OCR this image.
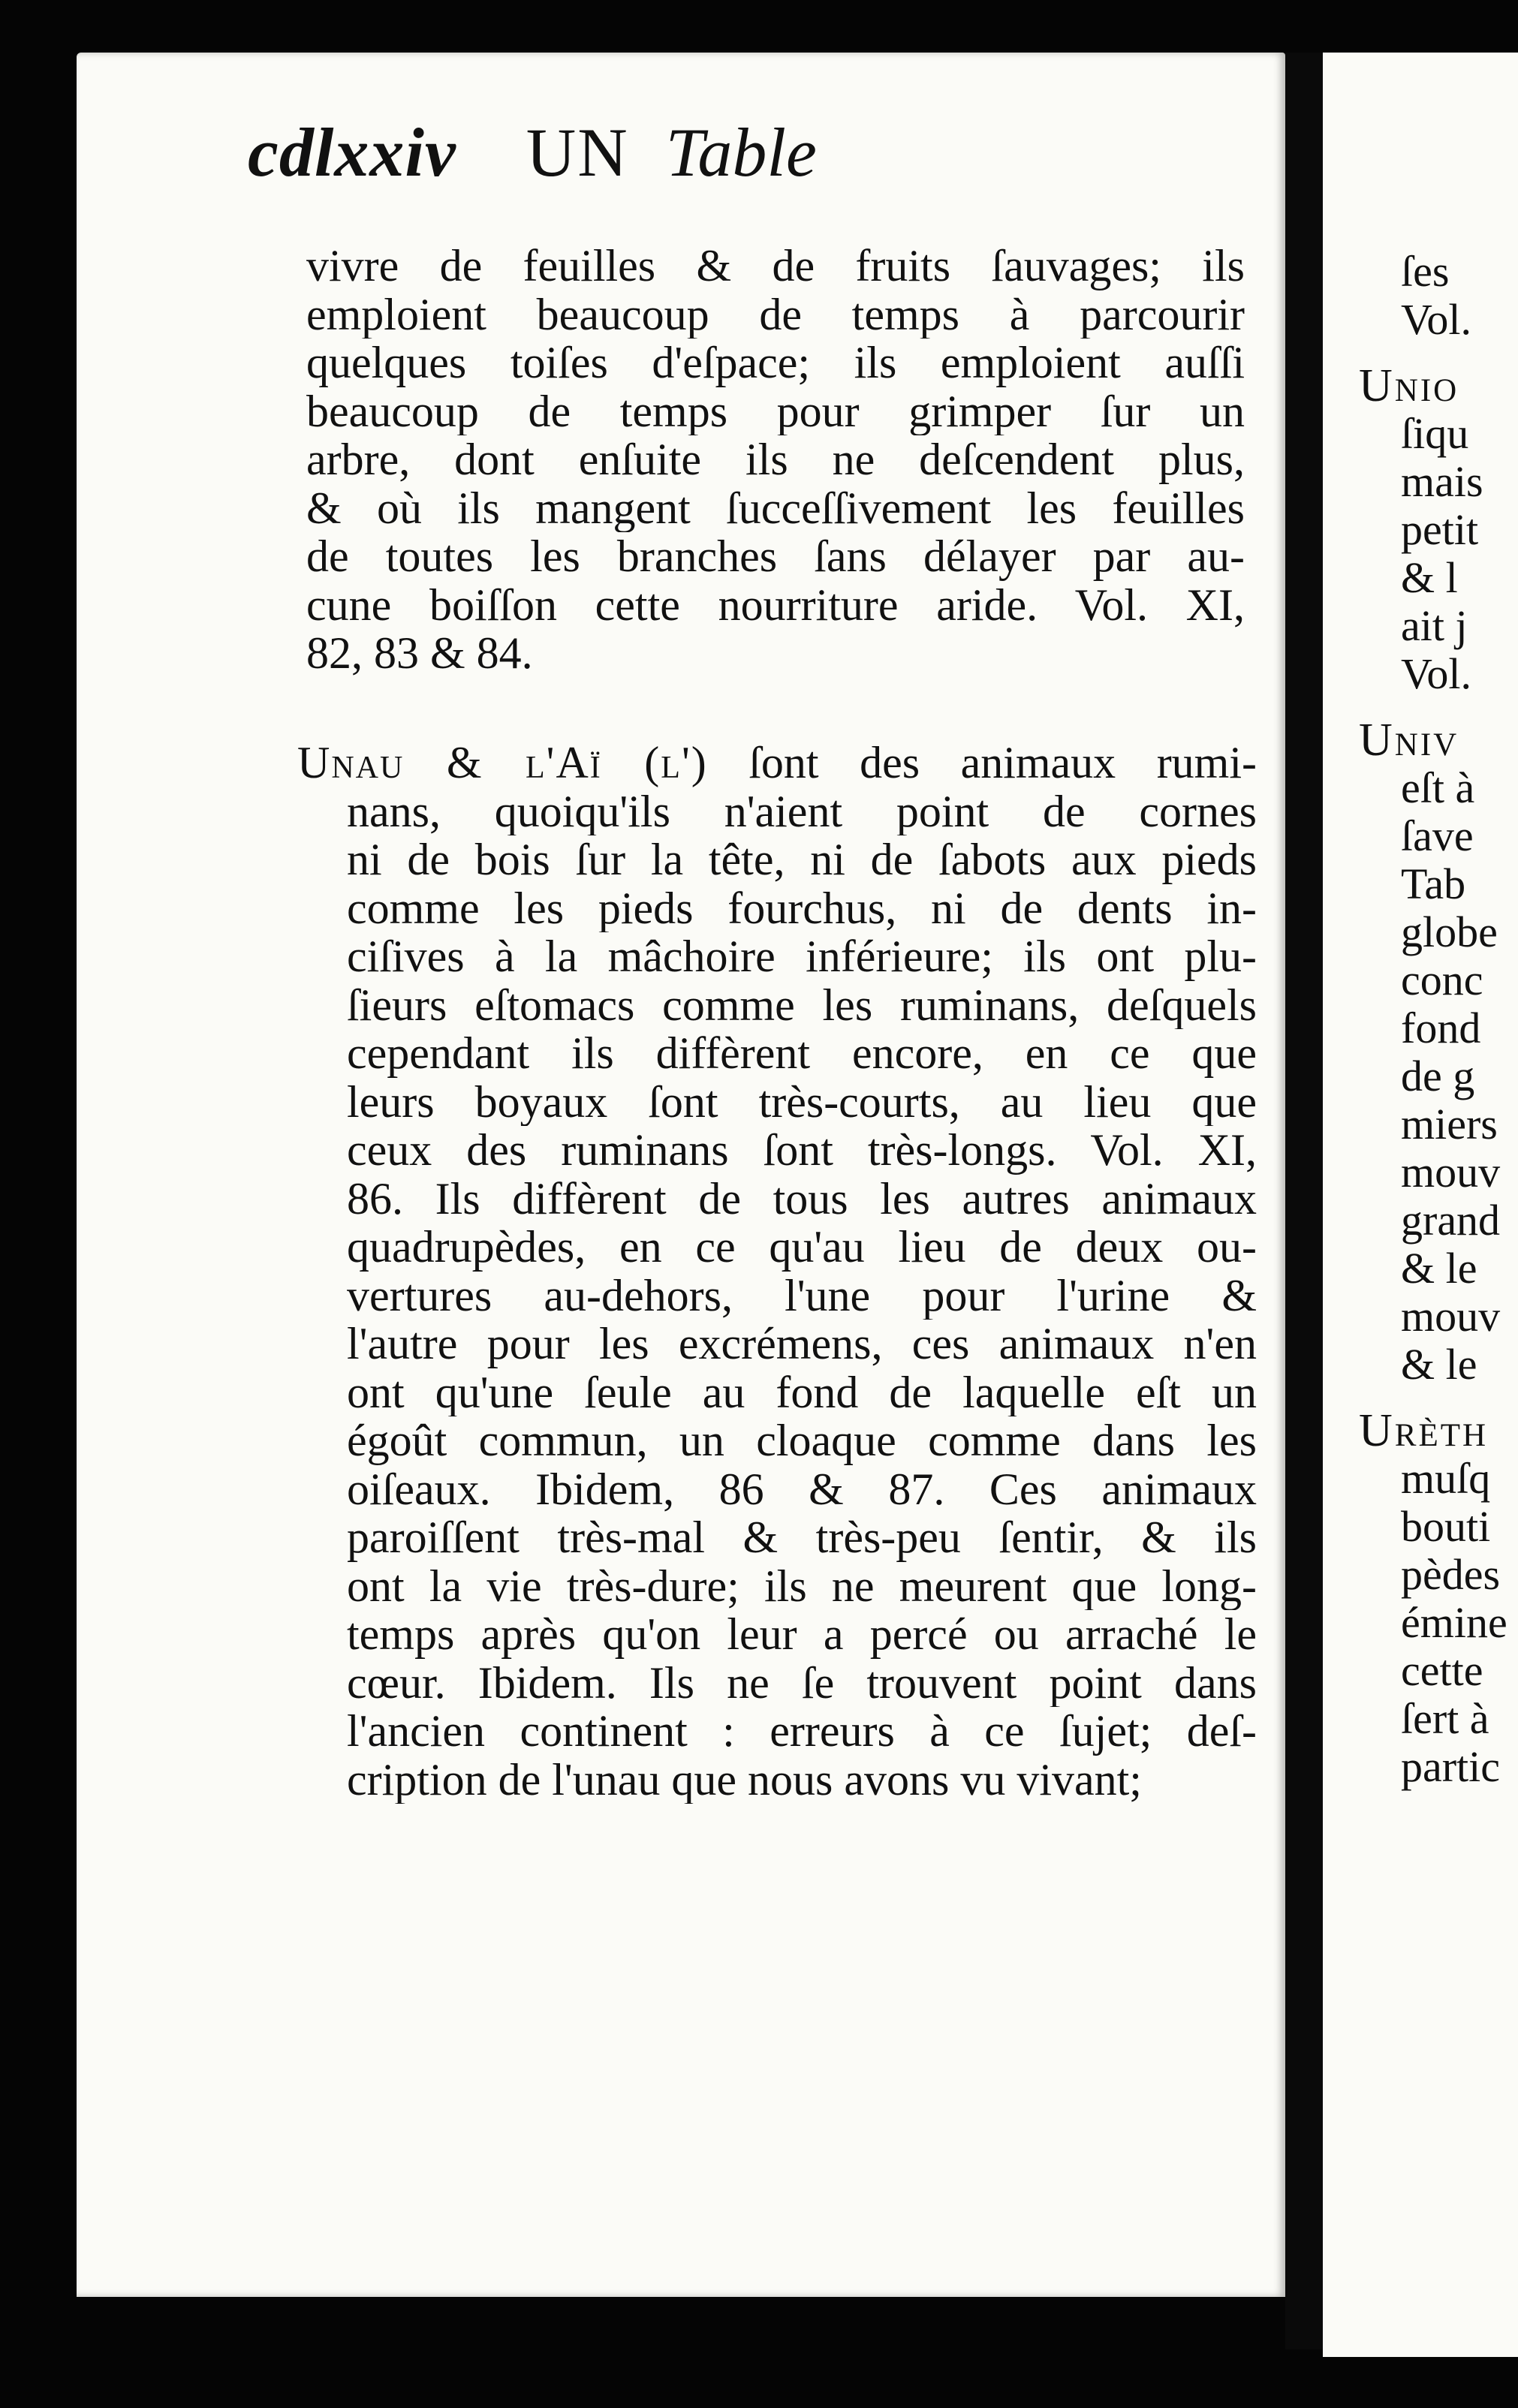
cdlxxiv UN Table
vivre de feuilles & de fruits ſauvages; ils
emploient beaucoup de temps à parcourir
quelques toiſes d'eſpace; ils emploient auſſi
beaucoup de temps pour grimper ſur un
arbre, dont enſuite ils ne deſcendent plus,
& où ils mangent ſucceſſivement les feuilles
de toutes les branches ſans délayer par au-
cune boiſſon cette nourriture aride. Vol. XI,
82, 83 & 84.
Unau & l'Aï (l') ſont des animaux rumi-
nans, quoiqu'ils n'aient point de cornes
ni de bois ſur la tête, ni de ſabots aux pieds
comme les pieds fourchus, ni de dents in-
ciſives à la mâchoire inférieure; ils ont plu-
ſieurs eſtomacs comme les ruminans, deſquels
cependant ils diffèrent encore, en ce que
leurs boyaux ſont très-courts, au lieu que
ceux des ruminans ſont très-longs. Vol. XI,
86. Ils diffèrent de tous les autres animaux
quadrupèdes, en ce qu'au lieu de deux ou-
vertures au-dehors, l'une pour l'urine &
l'autre pour les excrémens, ces animaux n'en
ont qu'une ſeule au fond de laquelle eſt un
égoût commun, un cloaque comme dans les
oiſeaux. Ibidem, 86 & 87. Ces animaux
paroiſſent très-mal & très-peu ſentir, & ils
ont la vie très-dure; ils ne meurent que long-
temps après qu'on leur a percé ou arraché le
cœur. Ibidem. Ils ne ſe trouvent point dans
l'ancien continent : erreurs à ce ſujet; deſ-
cription de l'unau que nous avons vu vivant;
ſes
Vol.
Unio
ſiqu
mais
petit
& l
ait j
Vol.
Univ
eſt à
ſave
Tab
globe
conc
fond
de g
miers
mouv
grand
& le
mouv
& le
Urèth
muſq
bouti
pèdes
émine
cette
ſert à
partic
